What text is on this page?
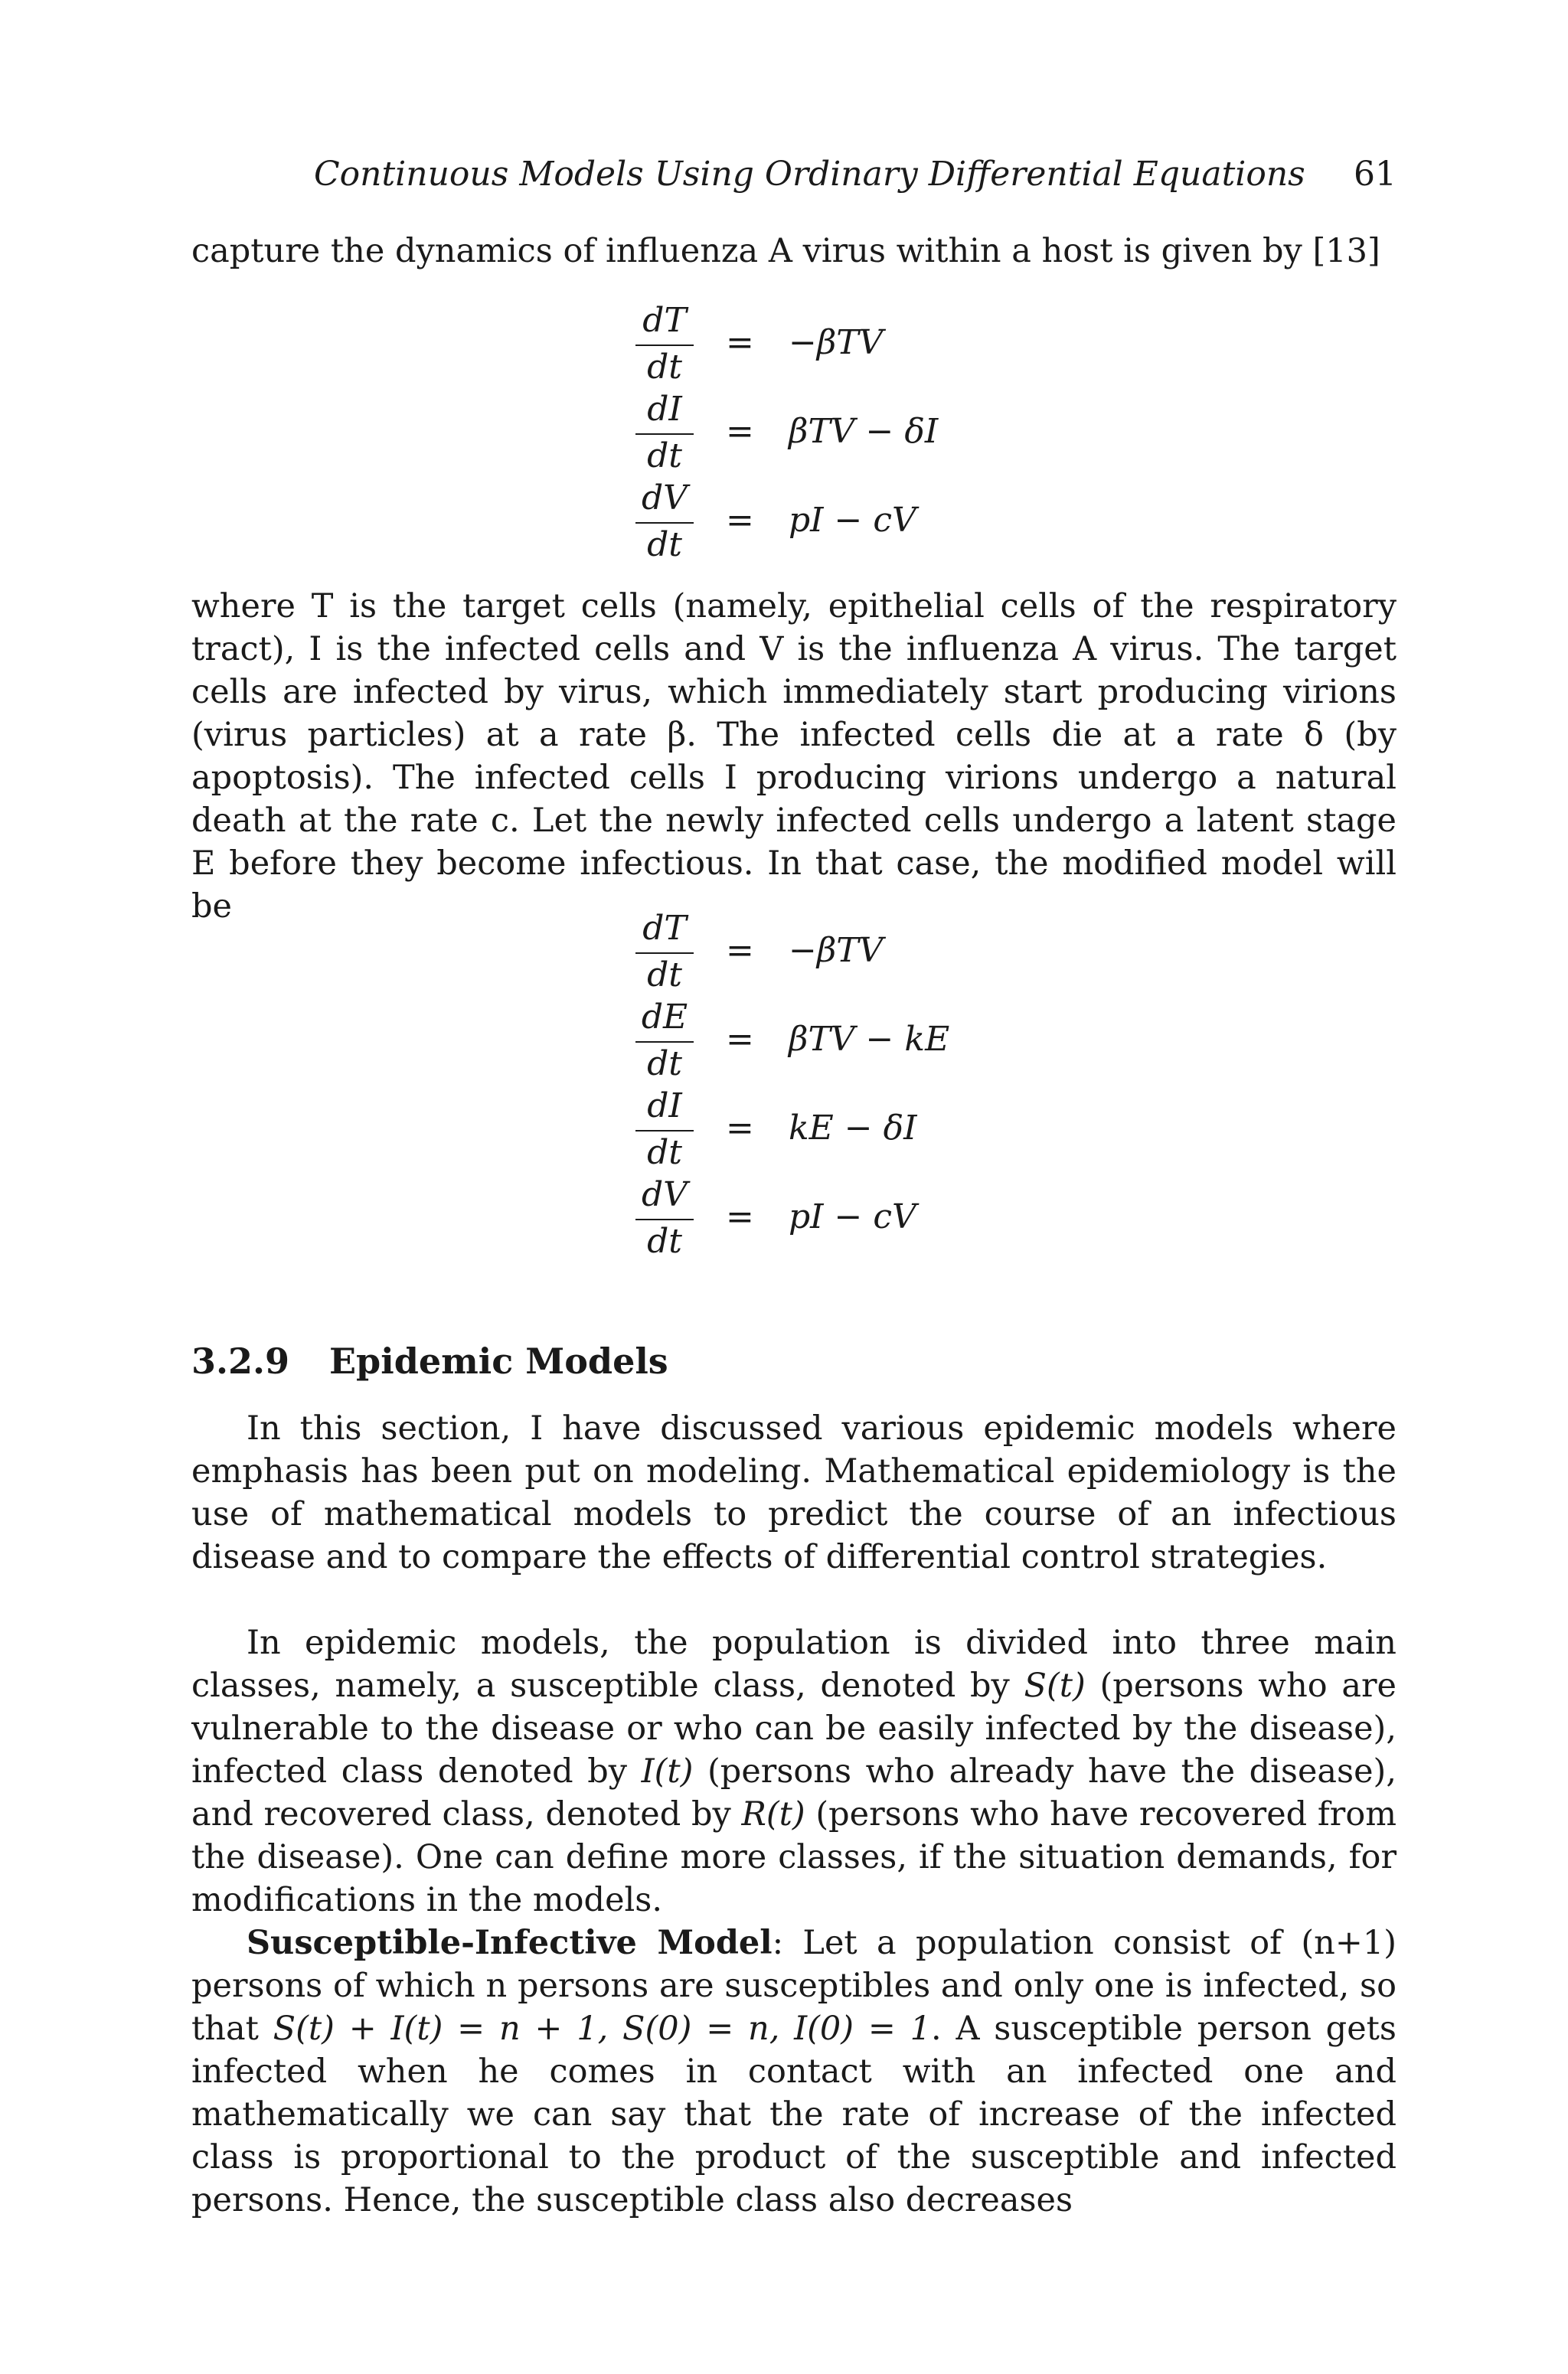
Continuous Models Using Ordinary Differential Equations 61
capture the dynamics of influenza A virus within a host is given by [13]
dT
dt
= −βTV
dI
dt
= βTV − δI
dV
dt
= pI − cV
where T is the target cells (namely, epithelial cells of the respiratory tract), I is the infected cells and V is the influenza A virus. The target cells are infected by virus, which immediately start producing virions (virus particles) at a rate β. The infected cells die at a rate δ (by apoptosis). The infected cells I producing virions undergo a natural death at the rate c. Let the newly infected cells undergo a latent stage E before they become infectious. In that case, the modified model will be
dT
dt
= −βTV
dE
dt
= βTV − kE
dI
dt
= kE − δI
dV
dt
= pI − cV
3.2.9 Epidemic Models
In this section, I have discussed various epidemic models where emphasis has been put on modeling. Mathematical epidemiology is the use of mathematical models to predict the course of an infectious disease and to compare the effects of differential control strategies.
In epidemic models, the population is divided into three main classes, namely, a susceptible class, denoted by S(t) (persons who are vulnerable to the disease or who can be easily infected by the disease), infected class denoted by I(t) (persons who already have the disease), and recovered class, denoted by R(t) (persons who have recovered from the disease). One can define more classes, if the situation demands, for modifications in the models.
Susceptible-Infective Model: Let a population consist of (n+1) persons of which n persons are susceptibles and only one is infected, so that S(t) + I(t) = n + 1, S(0) = n, I(0) = 1. A susceptible person gets infected when he comes in contact with an infected one and mathematically we can say that the rate of increase of the infected class is proportional to the product of the susceptible and infected persons. Hence, the susceptible class also decreases
